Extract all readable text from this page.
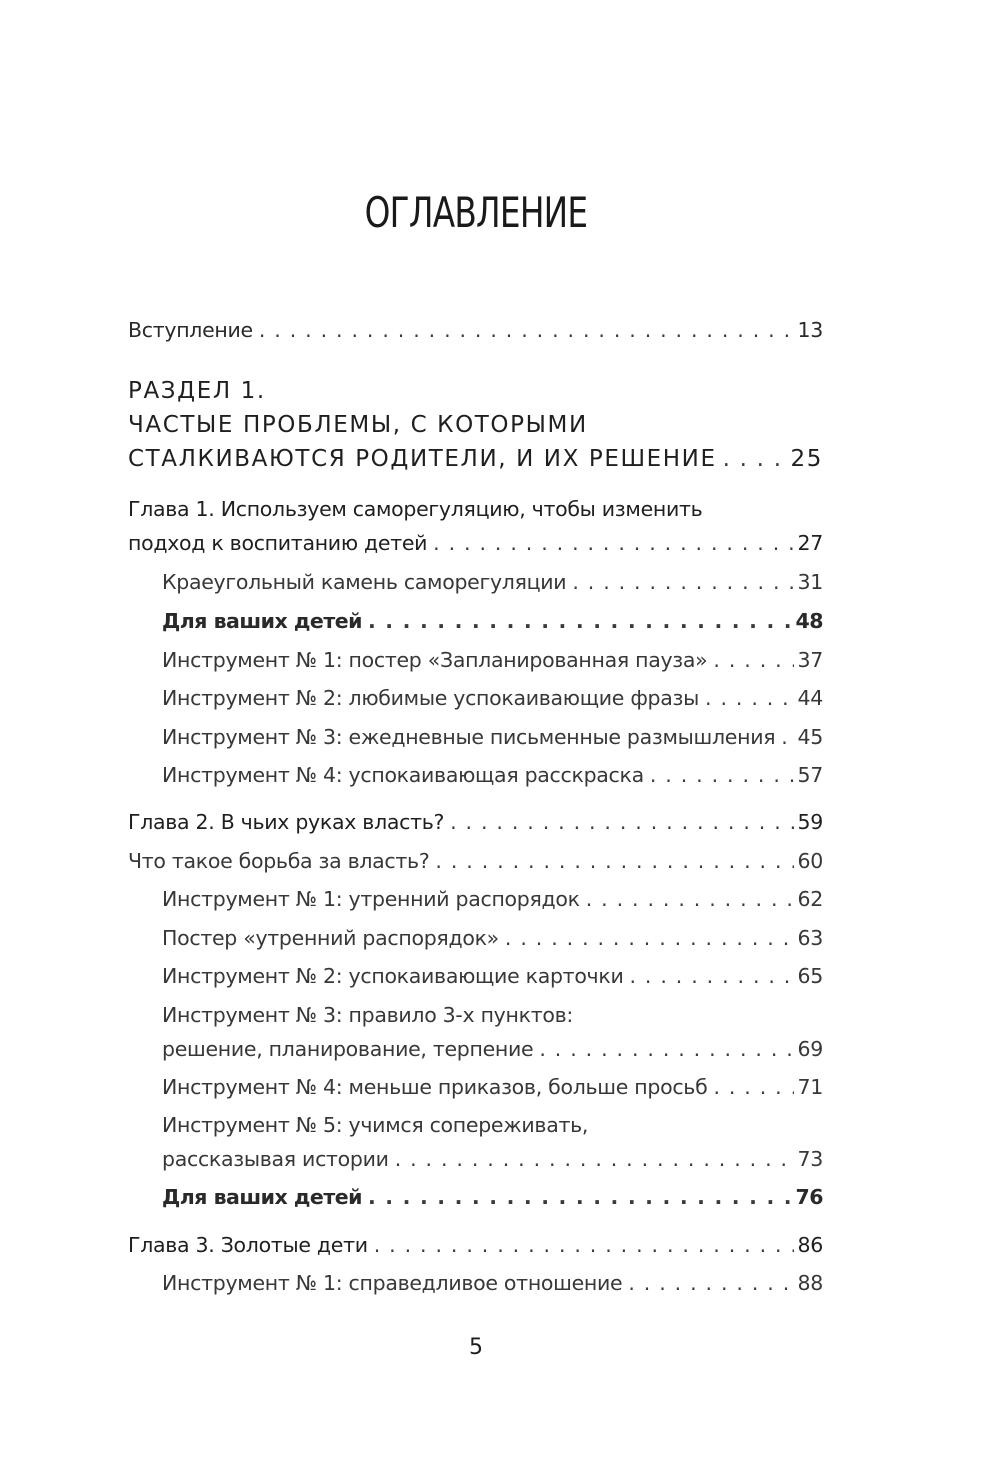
ОГЛАВЛЕНИЕ
Вступление . . .	13
РАЗДЕЛ 1.
ЧАСТЫЕ ПРОБЛЕМЫ, С КОТОРЫМИ
СТАЛКИВАЮТСЯ РОДИТЕЛИ, И ИХ РЕШЕНИЕ . . .	25
Глава 1. Используем саморегуляцию, чтобы изменить
подход к воспитанию детей . . .	27
Краеугольный камень саморегуляции . . .	31
Для ваших детей . . .	48
Инструмент № 1: постер «Запланированная пауза» . . .	37
Инструмент № 2: любимые успокаивающие фразы . . .	44
Инструмент № 3: ежедневные письменные размышления . . . 45
Инструмент № 4: успокаивающая расскраска . . .	57
Глава 2. В чьих руках власть? . . .	59
Что такое борьба за власть? . . .	60
Инструмент № 1: утренний распорядок . . .	62
Постер «утренний распорядок» . . .	63
Инструмент № 2: успокаивающие карточки . . .	65
Инструмент № 3: правило 3-х пунктов:
решение, планирование, терпение . . .	69
Инструмент № 4: меньше приказов, больше просьб . . .	71
Инструмент № 5: учимся сопереживать,
рассказывая истории . . .	73
Для ваших детей . . .	76
Глава 3. Золотые дети . . .	86
Инструмент № 1: справедливое отношение . . .	88
5
